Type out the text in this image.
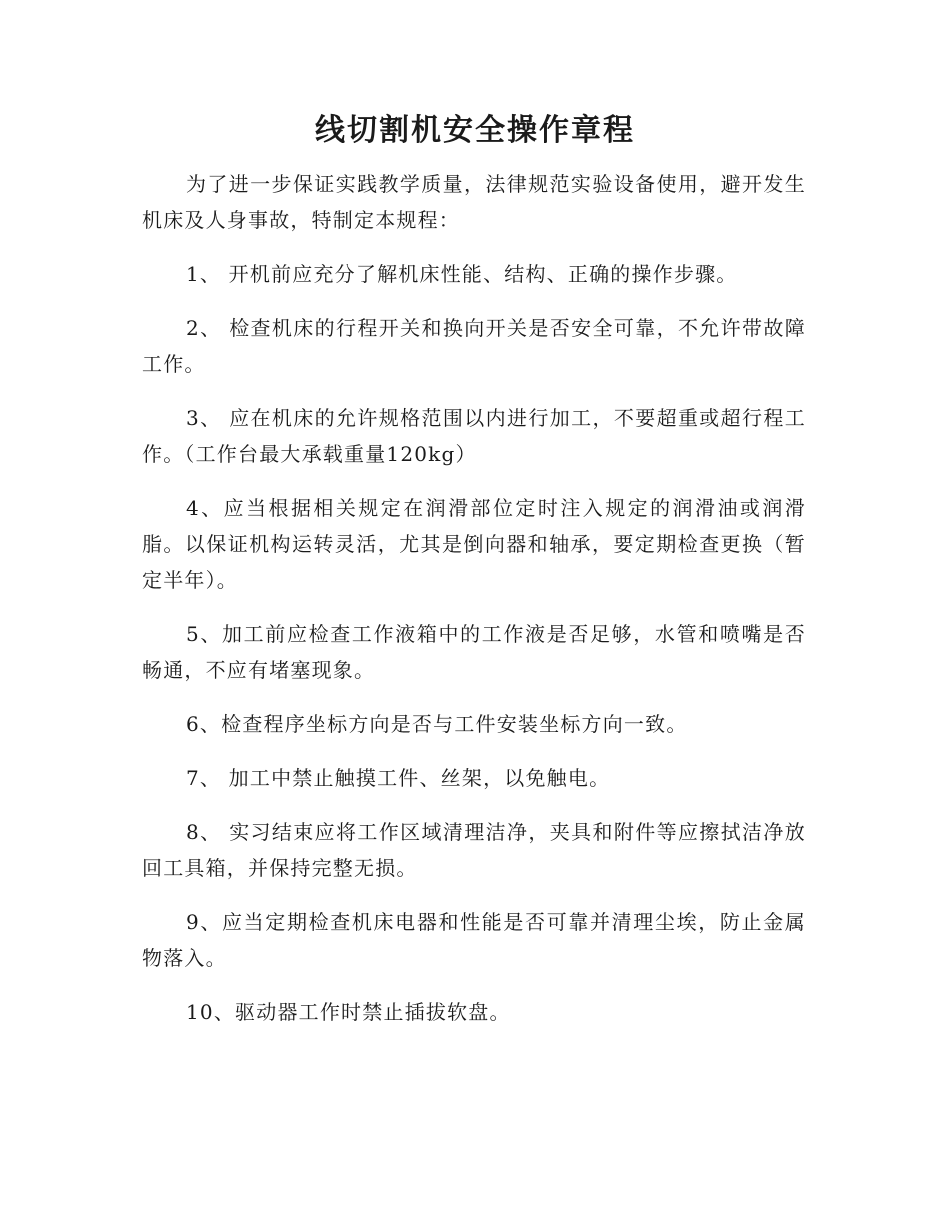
线切割机安全操作章程

为了进一步保证实践教学质量，法律规范实验设备使用，避开发生机床及人身事故，特制定本规程：

1、 开机前应充分了解机床性能、结构、正确的操作步骤。

2、 检查机床的行程开关和换向开关是否安全可靠，不允许带故障工作。

3、 应在机床的允许规格范围以内进行加工，不要超重或超行程工作。（工作台最大承载重量120kg）

4、应当根据相关规定在润滑部位定时注入规定的润滑油或润滑脂。以保证机构运转灵活，尤其是倒向器和轴承，要定期检查更换（暂定半年）。

5、加工前应检查工作液箱中的工作液是否足够，水管和喷嘴是否畅通，不应有堵塞现象。

6、检查程序坐标方向是否与工件安装坐标方向一致。

7、 加工中禁止触摸工件、丝架，以免触电。

8、 实习结束应将工作区域清理洁净，夹具和附件等应擦拭洁净放回工具箱，并保持完整无损。

9、应当定期检查机床电器和性能是否可靠并清理尘埃，防止金属物落入。

10、驱动器工作时禁止插拔软盘。
